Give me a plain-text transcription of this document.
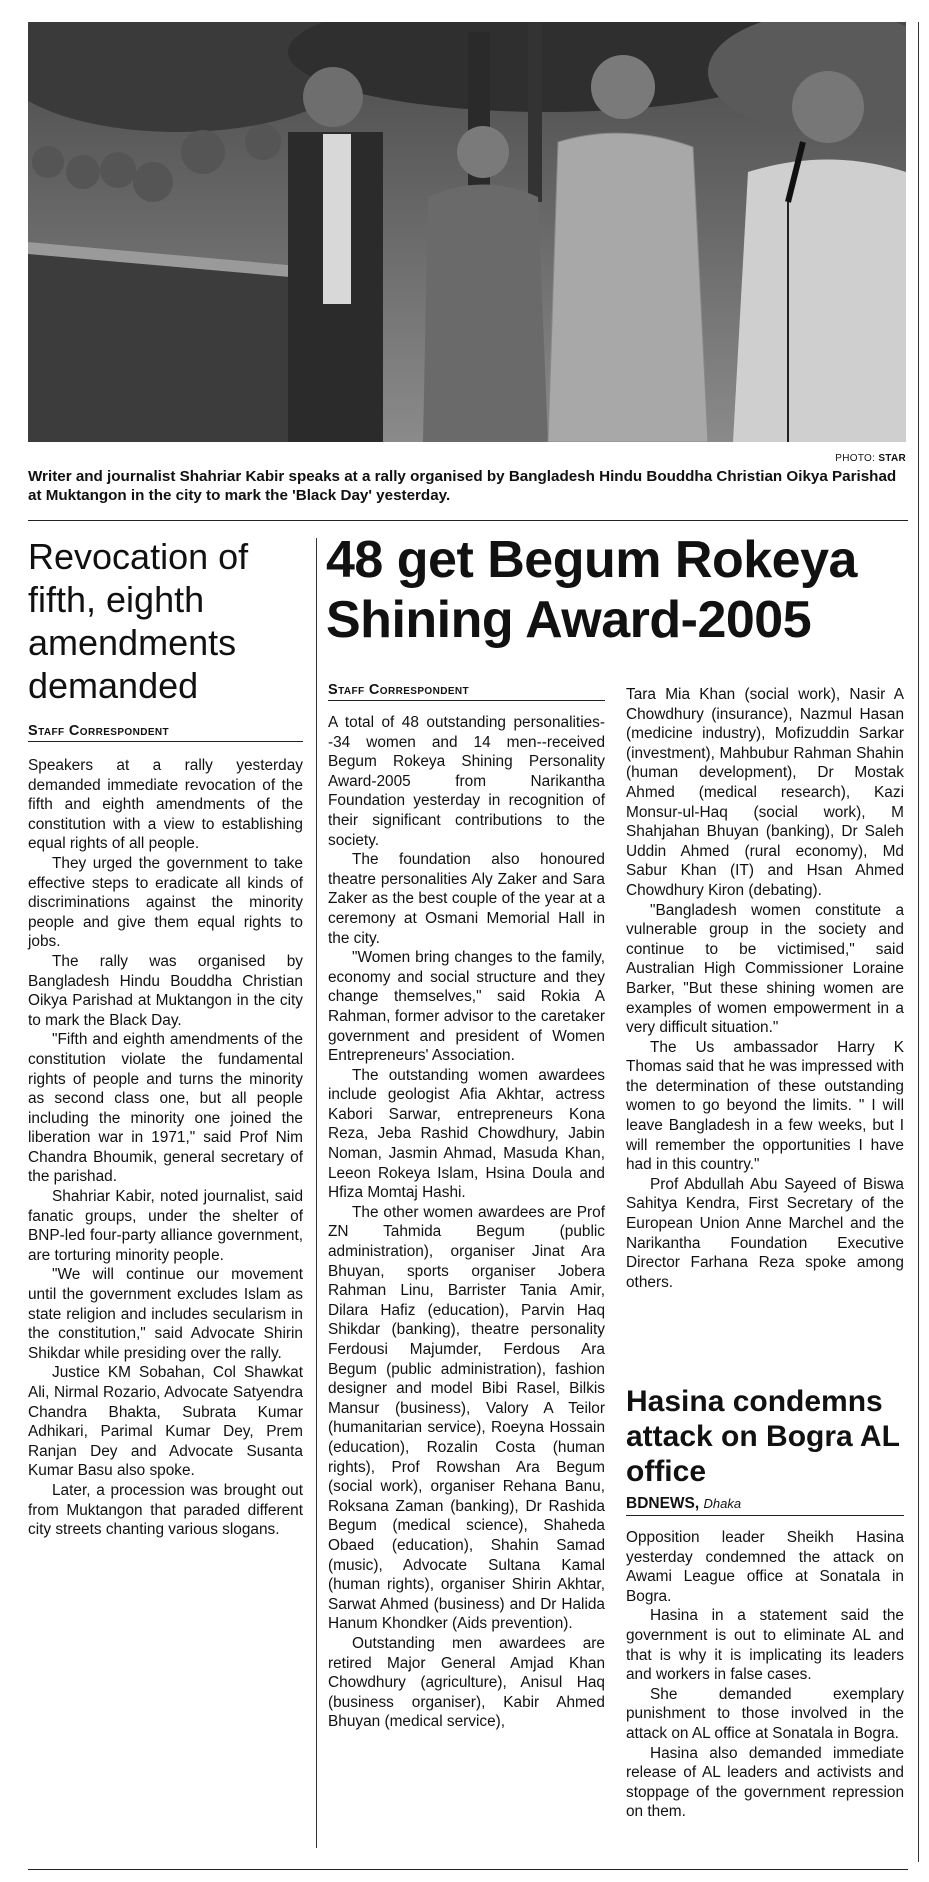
PHOTO: STAR
Writer and journalist Shahriar Kabir speaks at a rally organised by Bangladesh Hindu Bouddha Christian Oikya Parishad at Muktangon in the city to mark the 'Black Day' yesterday.
Revocation of fifth, eighth amendments demanded
Staff Correspondent

Speakers at a rally yesterday demanded immediate revocation of the fifth and eighth amendments of the constitution with a view to establishing equal rights of all people.

They urged the government to take effective steps to eradicate all kinds of discriminations against the minority people and give them equal rights to jobs.

The rally was organised by Bangladesh Hindu Bouddha Christian Oikya Parishad at Muktangon in the city to mark the Black Day.

"Fifth and eighth amendments of the constitution violate the fundamental rights of people and turns the minority as second class one, but all people including the minority one joined the liberation war in 1971," said Prof Nim Chandra Bhoumik, general secretary of the parishad.

Shahriar Kabir, noted journalist, said fanatic groups, under the shelter of BNP-led four-party alliance government, are torturing minority people.

"We will continue our movement until the government excludes Islam as state religion and includes secularism in the constitution," said Advocate Shirin Shikdar while presiding over the rally.

Justice KM Sobahan, Col Shawkat Ali, Nirmal Rozario, Advocate Satyendra Chandra Bhakta, Subrata Kumar Adhikari, Parimal Kumar Dey, Prem Ranjan Dey and Advocate Susanta Kumar Basu also spoke.

Later, a procession was brought out from Muktangon that paraded different city streets chanting various slogans.

48 get Begum Rokeya Shining Award-2005
Staff Correspondent

A total of 48 outstanding personalities--34 women and 14 men--received Begum Rokeya Shining Personality Award-2005 from Narikantha Foundation yesterday in recognition of their significant contributions to the society.

The foundation also honoured theatre personalities Aly Zaker and Sara Zaker as the best couple of the year at a ceremony at Osmani Memorial Hall in the city.

"Women bring changes to the family, economy and social structure and they change themselves," said Rokia A Rahman, former advisor to the caretaker government and president of Women Entrepreneurs' Association.

The outstanding women awardees include geologist Afia Akhtar, actress Kabori Sarwar, entrepreneurs Kona Reza, Jeba Rashid Chowdhury, Jabin Noman, Jasmin Ahmad, Masuda Khan, Leeon Rokeya Islam, Hsina Doula and Hfiza Momtaj Hashi.

The other women awardees are Prof ZN Tahmida Begum (public administration), organiser Jinat Ara Bhuyan, sports organiser Jobera Rahman Linu, Barrister Tania Amir, Dilara Hafiz (education), Parvin Haq Shikdar (banking), theatre personality Ferdousi Majumder, Ferdous Ara Begum (public administration), fashion designer and model Bibi Rasel, Bilkis Mansur (business), Valory A Teilor (humanitarian service), Roeyna Hossain (education), Rozalin Costa (human rights), Prof Rowshan Ara Begum (social work), organiser Rehana Banu, Roksana Zaman (banking), Dr Rashida Begum (medical science), Shaheda Obaed (education), Shahin Samad (music), Advocate Sultana Kamal (human rights), organiser Shirin Akhtar, Sarwat Ahmed (business) and Dr Halida Hanum Khondker (Aids prevention).

Outstanding men awardees are retired Major General Amjad Khan Chowdhury (agriculture), Anisul Haq (business organiser), Kabir Ahmed Bhuyan (medical service),

Tara Mia Khan (social work), Nasir A Chowdhury (insurance), Nazmul Hasan (medicine industry), Mofizuddin Sarkar (investment), Mahbubur Rahman Shahin (human development), Dr Mostak Ahmed (medical research), Kazi Monsur-ul-Haq (social work), M Shahjahan Bhuyan (banking), Dr Saleh Uddin Ahmed (rural economy), Md Sabur Khan (IT) and Hsan Ahmed Chowdhury Kiron (debating).

"Bangladesh women constitute a vulnerable group in the society and continue to be victimised," said Australian High Commissioner Loraine Barker, "But these shining women are examples of women empowerment in a very difficult situation."

The Us ambassador Harry K Thomas said that he was impressed with the determination of these outstanding women to go beyond the limits. " I will leave Bangladesh in a few weeks, but I will remember the opportunities I have had in this country."

Prof Abdullah Abu Sayeed of Biswa Sahitya Kendra, First Secretary of the European Union Anne Marchel and the Narikantha Foundation Executive Director Farhana Reza spoke among others.

Hasina condemns attack on Bogra AL office
BDNEWS, Dhaka

Opposition leader Sheikh Hasina yesterday condemned the attack on Awami League office at Sonatala in Bogra.

Hasina in a statement said the government is out to eliminate AL and that is why it is implicating its leaders and workers in false cases.

She demanded exemplary punishment to those involved in the attack on AL office at Sonatala in Bogra.

Hasina also demanded immediate release of AL leaders and activists and stoppage of the government repression on them.
